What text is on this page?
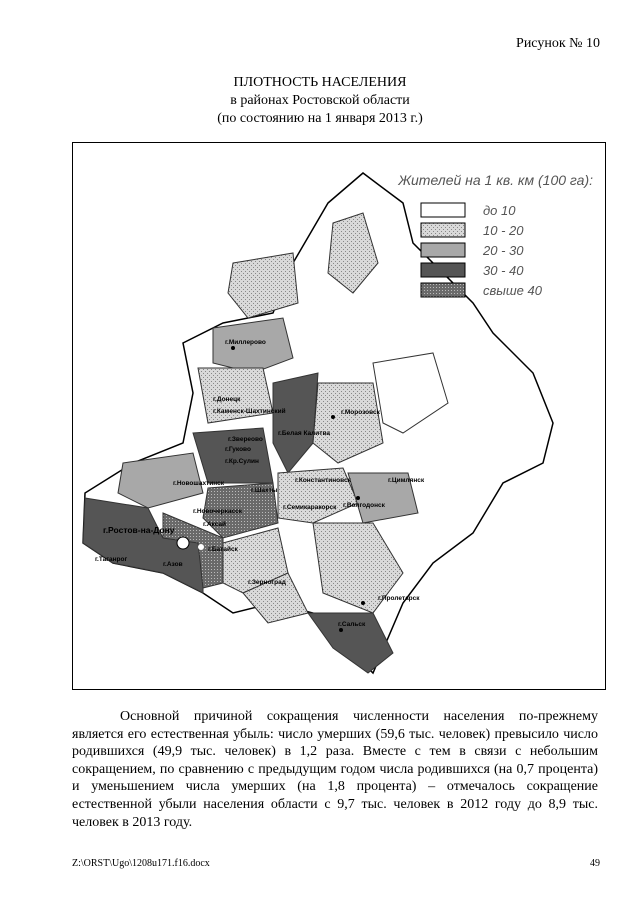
Рисунок № 10
ПЛОТНОСТЬ НАСЕЛЕНИЯ
в районах Ростовской области
(по состоянию на 1 января 2013 г.)
Жителей на 1 кв. км (100 га):
до 10
10 - 20
20 - 30
30 - 40
свыше 40
г.Миллерово
г.Донецк
г.Каменск-Шахтинский	г.Морозовск
г.Звереово
г.Белая Калитва
г.Гуково
г.Кр.Сулин
г.Новошахтинск
г.Шахты
г.Константиновск	г.Цимлянск
г.Семикаракорск г.Волгодонск
г.Новочеркасск
г.Ростов-на-Дону
г.Аксай
г.Батайск
г.Таганрог
г.Азов
г.Зерноград
г.Пролетарск
г.Сальск

Основной причиной сокращения численности населения по-прежнему является его естественная убыль: число умерших (59,6 тыс. человек) превысило число родившихся (49,9 тыс. человек) в 1,2 раза. Вместе с тем в связи с небольшим сокращением, по сравнению с предыдущим годом числа родившихся (на 0,7 процента) и уменьшением числа умерших (на 1,8 процента) – отмечалось сокращение естественной убыли населения области с 9,7 тыс. человек в 2012 году до 8,9 тыс. человек в 2013 году.

Z:\ORST\Ugo\1208u171.f16.docx	49
